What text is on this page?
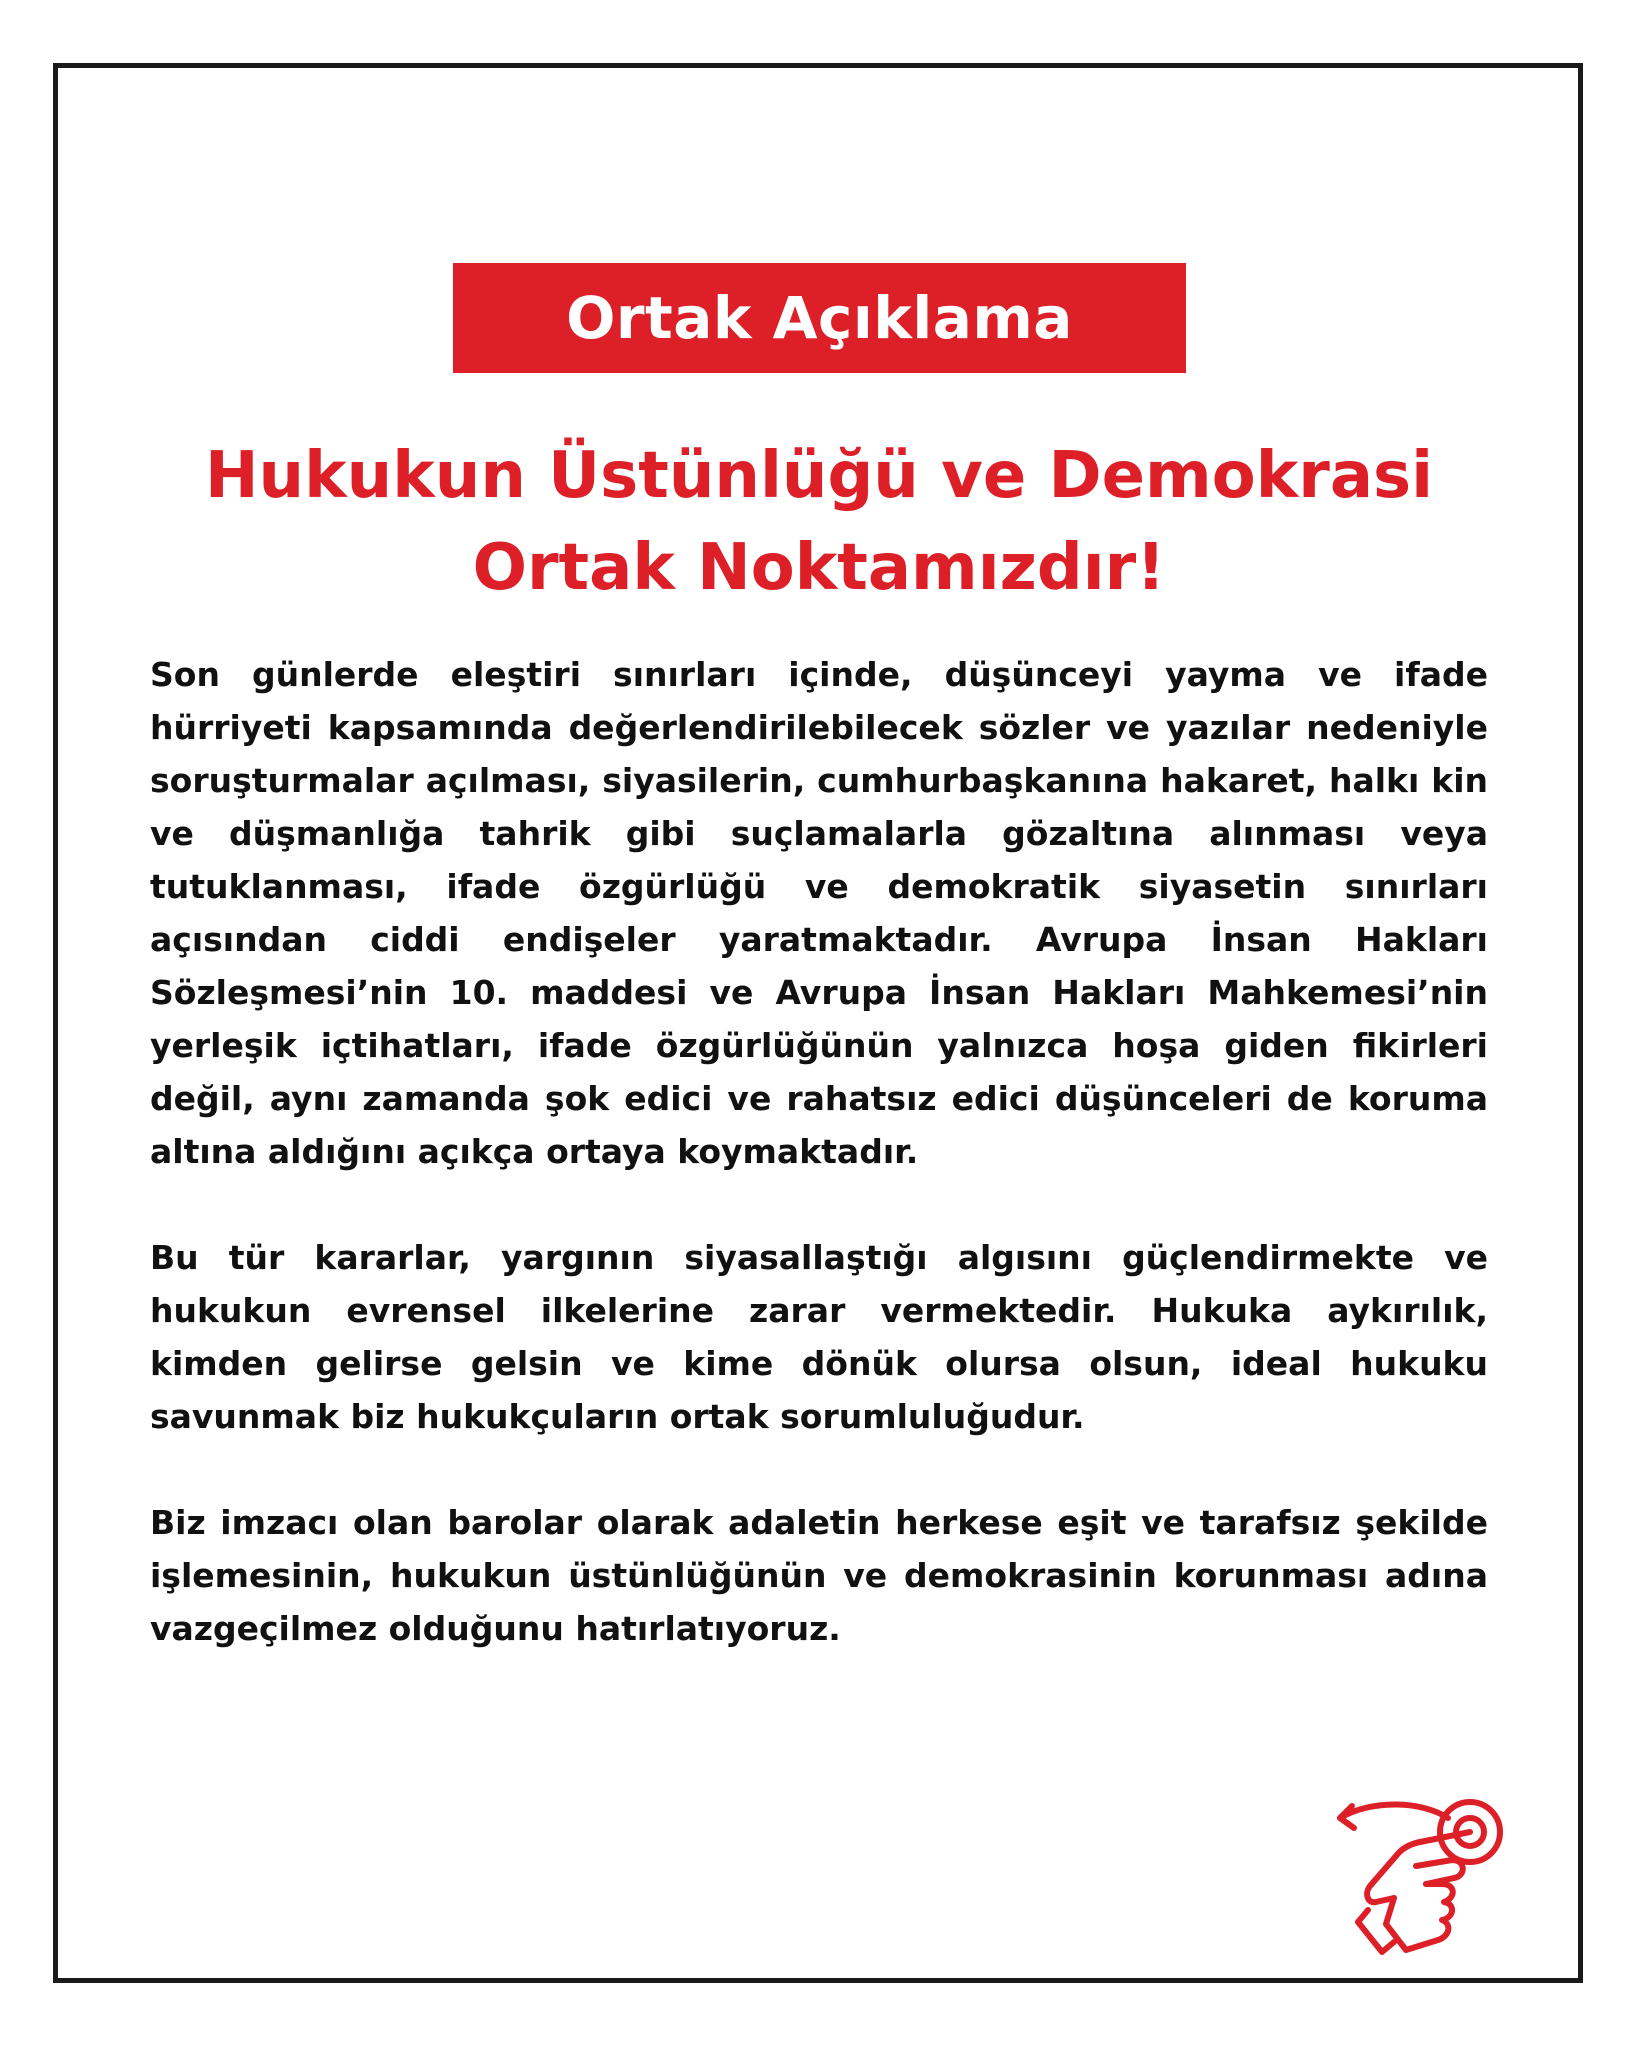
Ortak Açıklama
Hukukun Üstünlüğü ve Demokrasi
Ortak Noktamızdır!

Son günlerde eleştiri sınırları içinde, düşünceyi yayma ve ifade hürriyeti kapsamında değerlendirilebilecek sözler ve yazılar nedeniyle soruşturmalar açılması, siyasilerin, cumhurbaşkanına hakaret, halkı kin ve düşmanlığa tahrik gibi suçlamalarla gözaltına alınması veya tutuklanması, ifade özgürlüğü ve demokratik siyasetin sınırları açısından ciddi endişeler yaratmaktadır. Avrupa İnsan Hakları Sözleşmesi’nin 10. maddesi ve Avrupa İnsan Hakları Mahkemesi’nin yerleşik içtihatları, ifade özgürlüğünün yalnızca hoşa giden fikirleri değil, aynı zamanda şok edici ve rahatsız edici düşünceleri de koruma altına aldığını açıkça ortaya koymaktadır.

Bu tür kararlar, yargının siyasallaştığı algısını güçlendirmekte ve hukukun evrensel ilkelerine zarar vermektedir. Hukuka aykırılık, kimden gelirse gelsin ve kime dönük olursa olsun, ideal hukuku savunmak biz hukukçuların ortak sorumluluğudur.

Biz imzacı olan barolar olarak adaletin herkese eşit ve tarafsız şekilde işlemesinin, hukukun üstünlüğünün ve demokrasinin korunması adına vazgeçilmez olduğunu hatırlatıyoruz.
